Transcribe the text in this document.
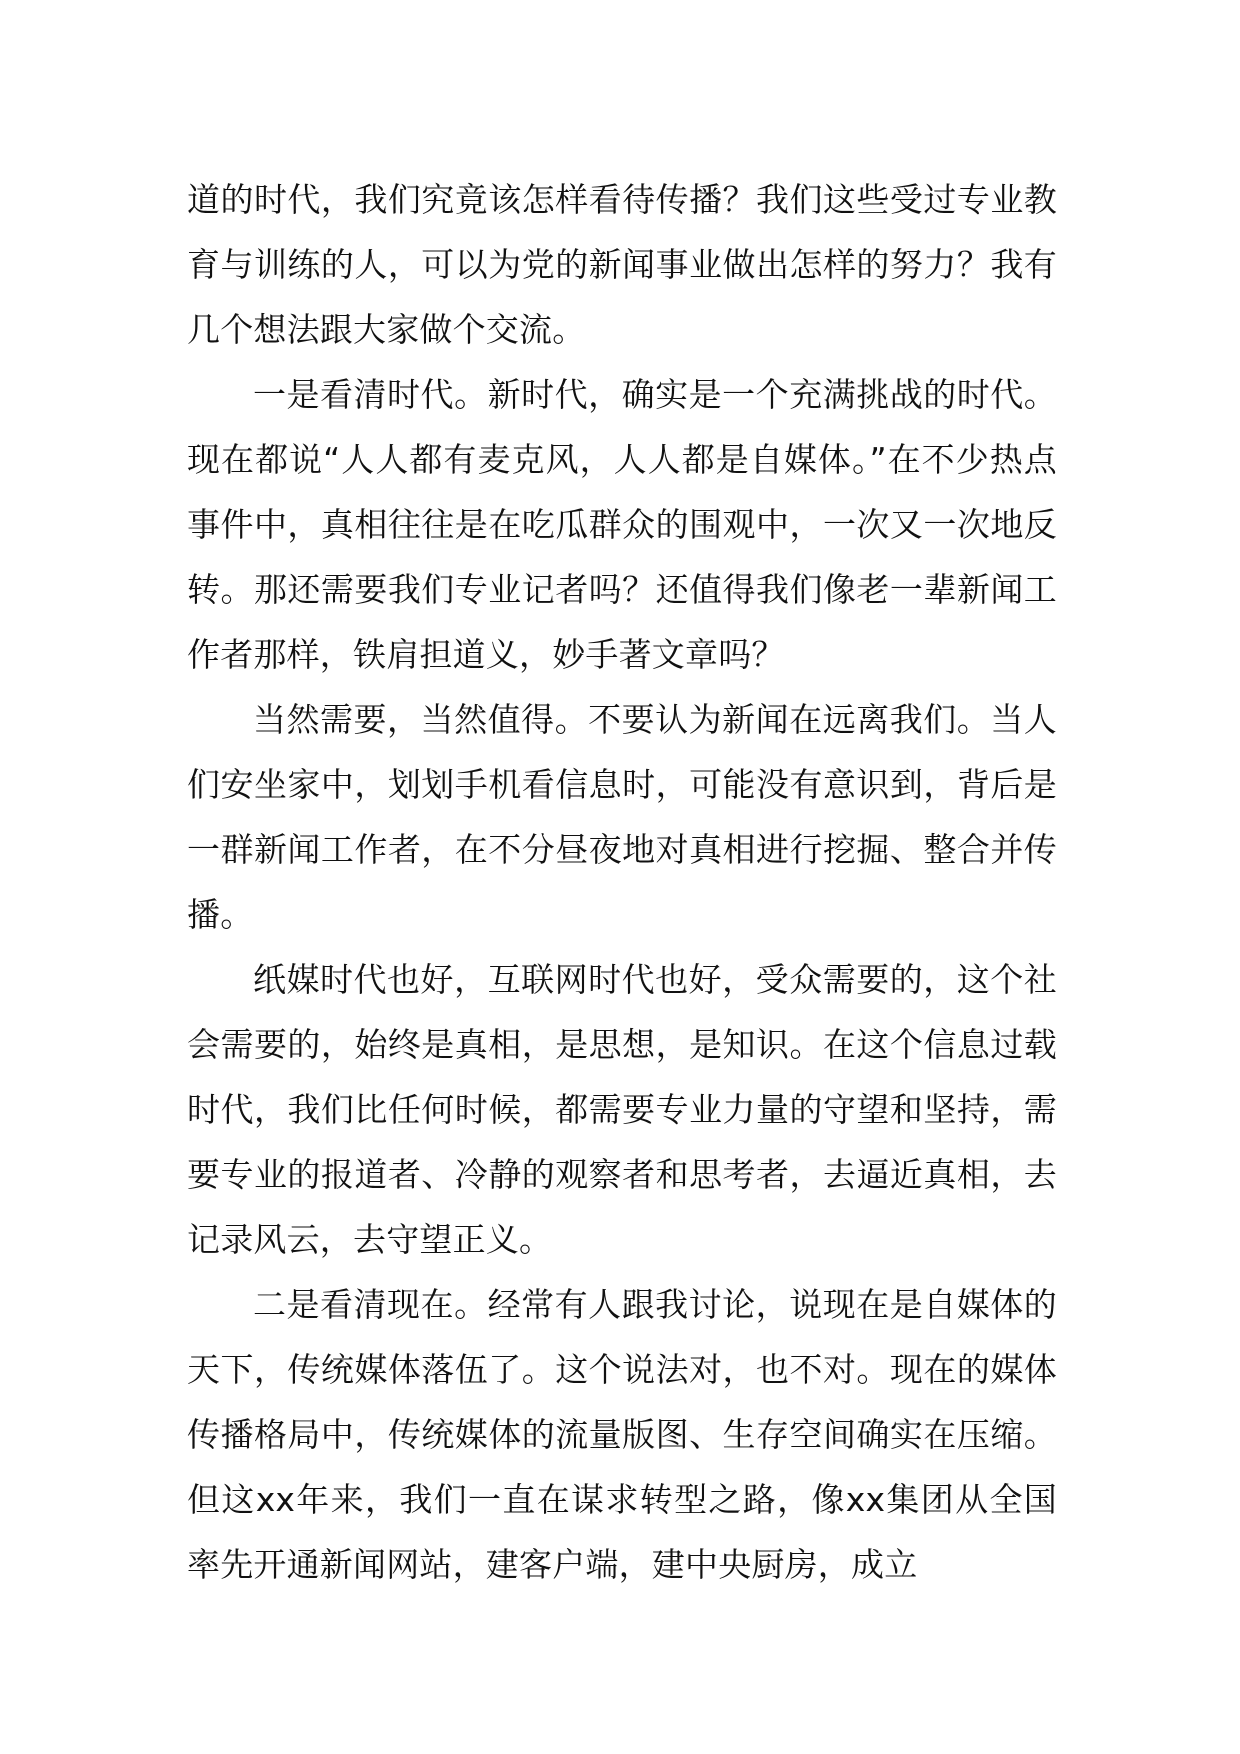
道的时代，我们究竟该怎样看待传播？我们这些受过专业教育与训练的人，可以为党的新闻事业做出怎样的努力？我有几个想法跟大家做个交流。

一是看清时代。新时代，确实是一个充满挑战的时代。现在都说“人人都有麦克风，人人都是自媒体。”在不少热点事件中，真相往往是在吃瓜群众的围观中，一次又一次地反转。那还需要我们专业记者吗？还值得我们像老一辈新闻工作者那样，铁肩担道义，妙手著文章吗？

当然需要，当然值得。不要认为新闻在远离我们。当人们安坐家中，划划手机看信息时，可能没有意识到，背后是一群新闻工作者，在不分昼夜地对真相进行挖掘、整合并传播。

纸媒时代也好，互联网时代也好，受众需要的，这个社会需要的，始终是真相，是思想，是知识。在这个信息过载时代，我们比任何时候，都需要专业力量的守望和坚持，需要专业的报道者、冷静的观察者和思考者，去逼近真相，去记录风云，去守望正义。

二是看清现在。经常有人跟我讨论，说现在是自媒体的天下，传统媒体落伍了。这个说法对，也不对。现在的媒体传播格局中，传统媒体的流量版图、生存空间确实在压缩。但这xx年来，我们一直在谋求转型之路，像xx集团从全国率先开通新闻网站，建客户端，建中央厨房，成立
